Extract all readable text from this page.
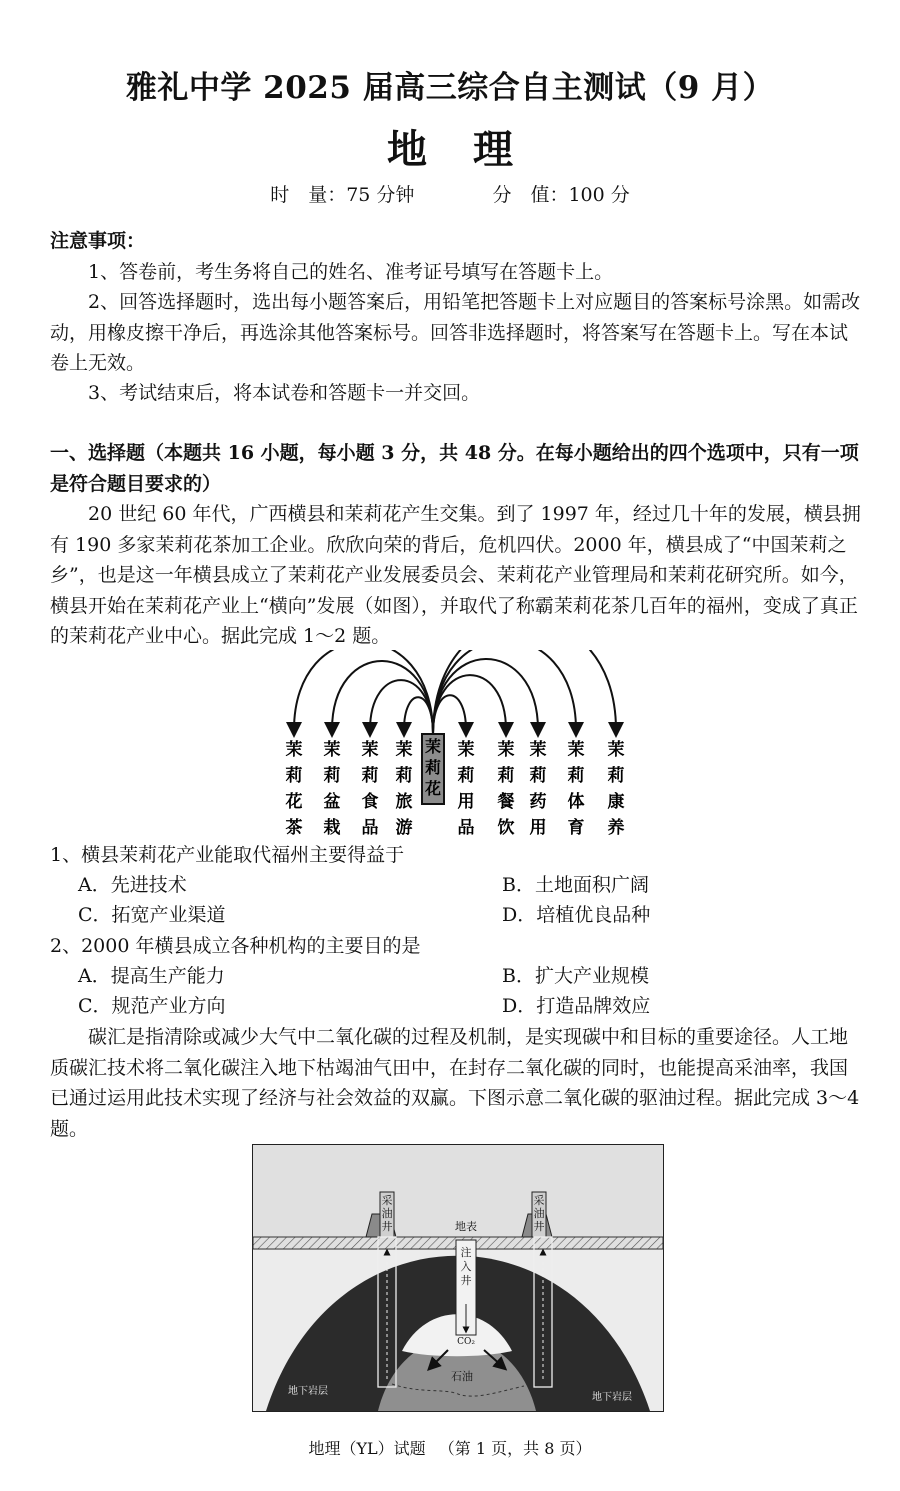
雅礼中学 2025 届高三综合自主测试（9 月）
地理
时　量：75 分钟	分　值：100 分
注意事项：
1、答卷前，考生务将自己的姓名、准考证号填写在答题卡上。
2、回答选择题时，选出每小题答案后，用铅笔把答题卡上对应题目的答案标号涂黑。如需改动，用橡皮擦干净后，再选涂其他答案标号。回答非选择题时，将答案写在答题卡上。写在本试卷上无效。
3、考试结束后，将本试卷和答题卡一并交回。
一、选择题（本题共 16 小题，每小题 3 分，共 48 分。在每小题给出的四个选项中，只有一项是符合题目要求的）
20 世纪 60 年代，广西横县和茉莉花产生交集。到了 1997 年，经过几十年的发展，横县拥有 190 多家茉莉花茶加工企业。欣欣向荣的背后，危机四伏。2000 年，横县成了“中国茉莉之乡”，也是这一年横县成立了茉莉花产业发展委员会、茉莉花产业管理局和茉莉花研究所。如今，横县开始在茉莉花产业上“横向”发展（如图），并取代了称霸茉莉花茶几百年的福州，变成了真正的茉莉花产业中心。据此完成 1～2 题。
茉
莉
花
茉
莉
花
茶
茉
莉
盆
栽
茉
莉
食
品
茉
莉
旅
游
茉
莉
用
品
茉
莉
餐
饮
茉
莉
药
用
茉
莉
体
育
茉
莉
康
养
1、横县茉莉花产业能取代福州主要得益于
A．先进技术	B．土地面积广阔
C．拓宽产业渠道	D．培植优良品种
2、2000 年横县成立各种机构的主要目的是
A．提高生产能力	B．扩大产业规模
C．规范产业方向	D．打造品牌效应
碳汇是指清除或减少大气中二氧化碳的过程及机制，是实现碳中和目标的重要途径。人工地质碳汇技术将二氧化碳注入地下枯竭油气田中，在封存二氧化碳的同时，也能提高采油率，我国已通过运用此技术实现了经济与社会效益的双赢。下图示意二氧化碳的驱油过程。据此完成 3～4 题。
采
油
井
采
油
井
地表
注
入
井
CO₂
石油
地下岩层
地下岩层
地理（YL）试题 （第 1 页，共 8 页）
